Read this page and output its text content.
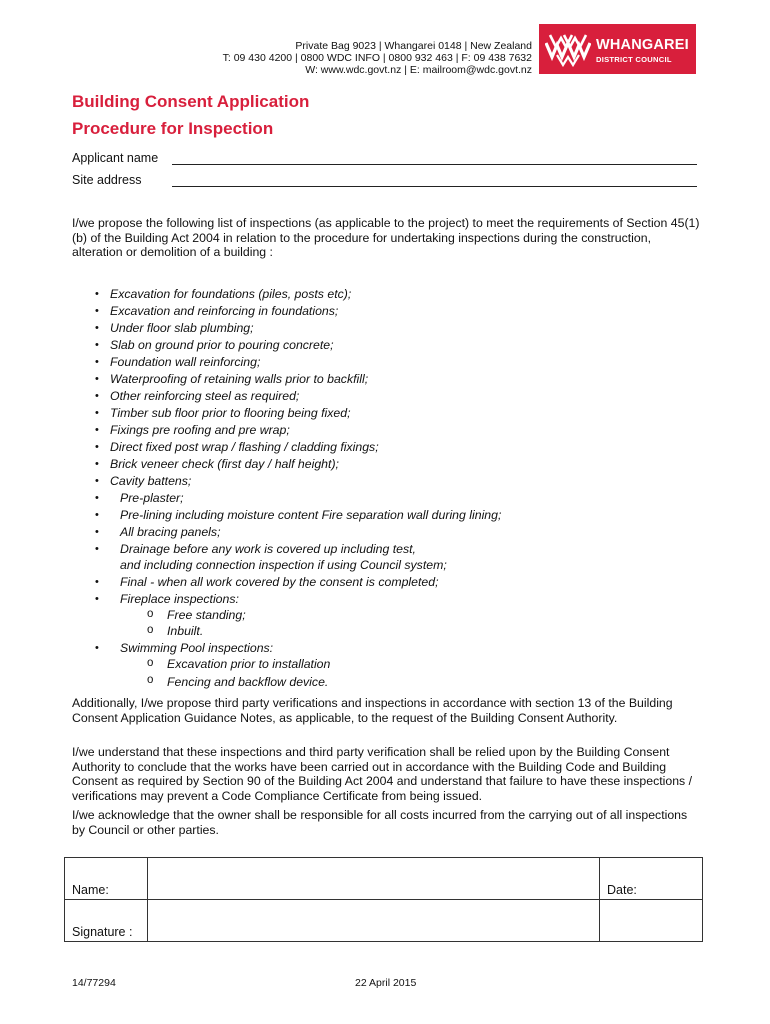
Private Bag 9023 | Whangarei 0148 | New Zealand
T: 09 430 4200 | 0800 WDC INFO | 0800 932 463 | F: 09 438 7632
W: www.wdc.govt.nz | E: mailroom@wdc.govt.nz
WHANGAREI
DISTRICT COUNCIL
Building Consent Application
Procedure for Inspection
Applicant name
Site address
I/we propose the following list of inspections (as applicable to the project) to meet the requirements of Section 45(1)(b) of the Building Act 2004 in relation to the procedure for undertaking inspections during the construction, alteration or demolition of a building :
• Excavation for foundations (piles, posts etc);
• Excavation and reinforcing in foundations;
• Under floor slab plumbing;
• Slab on ground prior to pouring concrete;
• Foundation wall reinforcing;
• Waterproofing of retaining walls prior to backfill;
• Other reinforcing steel as required;
• Timber sub floor prior to flooring being fixed;
• Fixings pre roofing and pre wrap;
• Direct fixed post wrap / flashing / cladding fixings;
• Brick veneer check (first day / half height);
• Cavity battens;
• Pre-plaster;
• Pre-lining including moisture content Fire separation wall during lining;
• All bracing panels;
• Drainage before any work is covered up including test,
and including connection inspection if using Council system;
• Final - when all work covered by the consent is completed;
• Fireplace inspections:
o Free standing;
o Inbuilt.
• Swimming Pool inspections:
o Excavation prior to installation
o Fencing and backflow device.
Additionally, I/we propose third party verifications and inspections in accordance with section 13 of the Building Consent Application Guidance Notes, as applicable, to the request of the Building Consent Authority.
I/we understand that these inspections and third party verification shall be relied upon by the Building Consent Authority to conclude that the works have been carried out in accordance with the Building Code and Building Consent as required by Section 90 of the Building Act 2004 and understand that failure to have these inspections / verifications may prevent a Code Compliance Certificate from being issued.
I/we acknowledge that the owner shall be responsible for all costs incurred from the carrying out of all inspections by Council or other parties.
Name:		Date:
Signature :		
14/77294	22 April 2015
